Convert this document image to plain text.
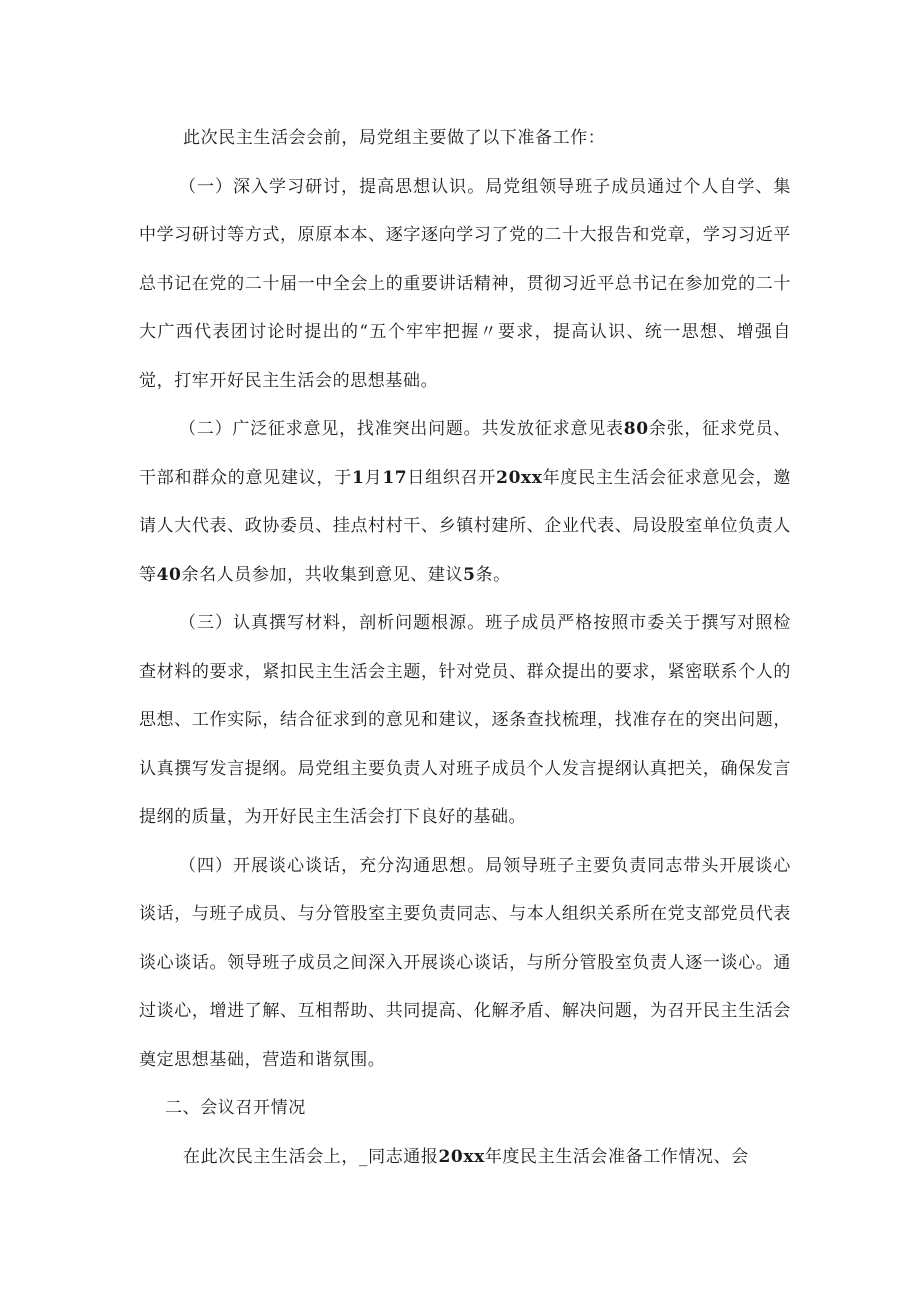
此次民主生活会会前，局党组主要做了以下准备工作：

（一）深入学习研讨，提高思想认识。局党组领导班子成员通过个人自学、集中学习研讨等方式，原原本本、逐字逐向学习了党的二十大报告和党章，学习习近平总书记在党的二十届一中全会上的重要讲话精神，贯彻习近平总书记在参加党的二十大广西代表团讨论时提出的“五个牢牢把握〃要求，提高认识、统一思想、增强自觉，打牢开好民主生活会的思想基础。

（二）广泛征求意见，找准突出问题。共发放征求意见表80余张，征求党员、干部和群众的意见建议，于1月17日组织召开20xx年度民主生活会征求意见会，邀请人大代表、政协委员、挂点村村干、乡镇村建所、企业代表、局设股室单位负责人等40余名人员参加，共收集到意见、建议5条。

（三）认真撰写材料，剖析问题根源。班子成员严格按照市委关于撰写对照检查材料的要求，紧扣民主生活会主题，针对党员、群众提出的要求，紧密联系个人的思想、工作实际，结合征求到的意见和建议，逐条查找梳理，找准存在的突出问题，认真撰写发言提纲。局党组主要负责人对班子成员个人发言提纲认真把关，确保发言提纲的质量，为开好民主生活会打下良好的基础。

（四）开展谈心谈话，充分沟通思想。局领导班子主要负责同志带头开展谈心谈话，与班子成员、与分管股室主要负责同志、与本人组织关系所在党支部党员代表谈心谈话。领导班子成员之间深入开展谈心谈话，与所分管股室负责人逐一谈心。通过谈心，增进了解、互相帮助、共同提高、化解矛盾、解决问题，为召开民主生活会奠定思想基础，营造和谐氛围。

二、会议召开情况

在此次民主生活会上，_同志通报20xx年度民主生活会准备工作情况、会
